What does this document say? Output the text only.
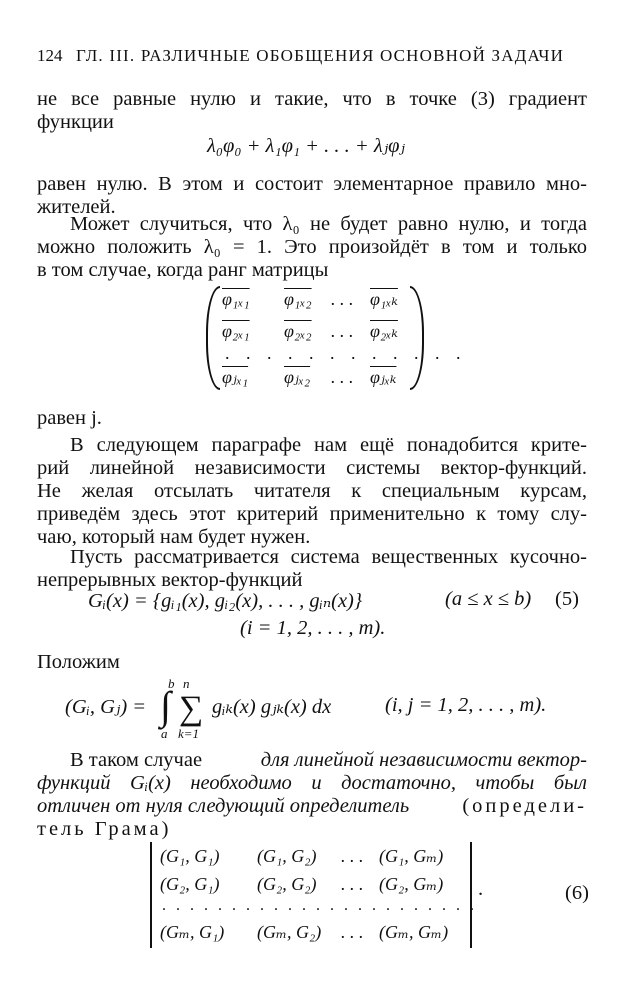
124 ГЛ. III. РАЗЛИЧНЫЕ ОБОБЩЕНИЯ ОСНОВНОЙ ЗАДАЧИ
не все равные нулю и такие, что в точке (3) градиент
функции
λ₀φ₀ + λ₁φ₁ + . . . + λⱼφⱼ
равен нулю. В этом и состоит элементарное правило мно-
жителей.
Может случиться, что λ₀ не будет равно нулю, и тогда
можно положить λ₀ = 1. Это произойдёт в том и только
в том случае, когда ранг матрицы
φ₁ₓ₁ φ₁ₓ₂ . . . φ₁ₓₖ
φ₂ₓ₁ φ₂ₓ₂ . . . φ₂ₓₖ
. . . . . . . . . . . .
φⱼₓ₁ φⱼₓ₂ . . . φⱼₓₖ
равен j.
В следующем параграфе нам ещё понадобится крите-
рий линейной независимости системы вектор-функций.
Не желая отсылать читателя к специальным курсам,
приведём здесь этот критерий применительно к тому слу-
чаю, который нам будет нужен.
Пусть рассматривается система вещественных кусочно-
непрерывных вектор-функций
Gᵢ(x) = {gᵢ₁(x), gᵢ₂(x), . . . , gᵢₙ(x)}	(a ≤ x ≤ b) (5)
(i = 1, 2, . . . , m).
Положим
(Gᵢ, Gⱼ) =
b
∫
a
n
∑
k=1
gᵢₖ(x) gⱼₖ(x) dx	(i, j = 1, 2, . . . , m).
В таком случае	для линейной независимости вектор-
функций Gᵢ(x) необходимо и достаточно, чтобы был
отличен от нуля следующий определитель	(определи-
тель Грама)
(G₁, G₁) (G₁, G₂) . . . (G₁, Gₘ)
(G₂, G₁) (G₂, G₂) . . . (G₂, Gₘ)
. . . . . . . . . . . . . . . . . . . . . . .
(Gₘ, G₁) (Gₘ, G₂) . . . (Gₘ, Gₘ)
.	(6)
